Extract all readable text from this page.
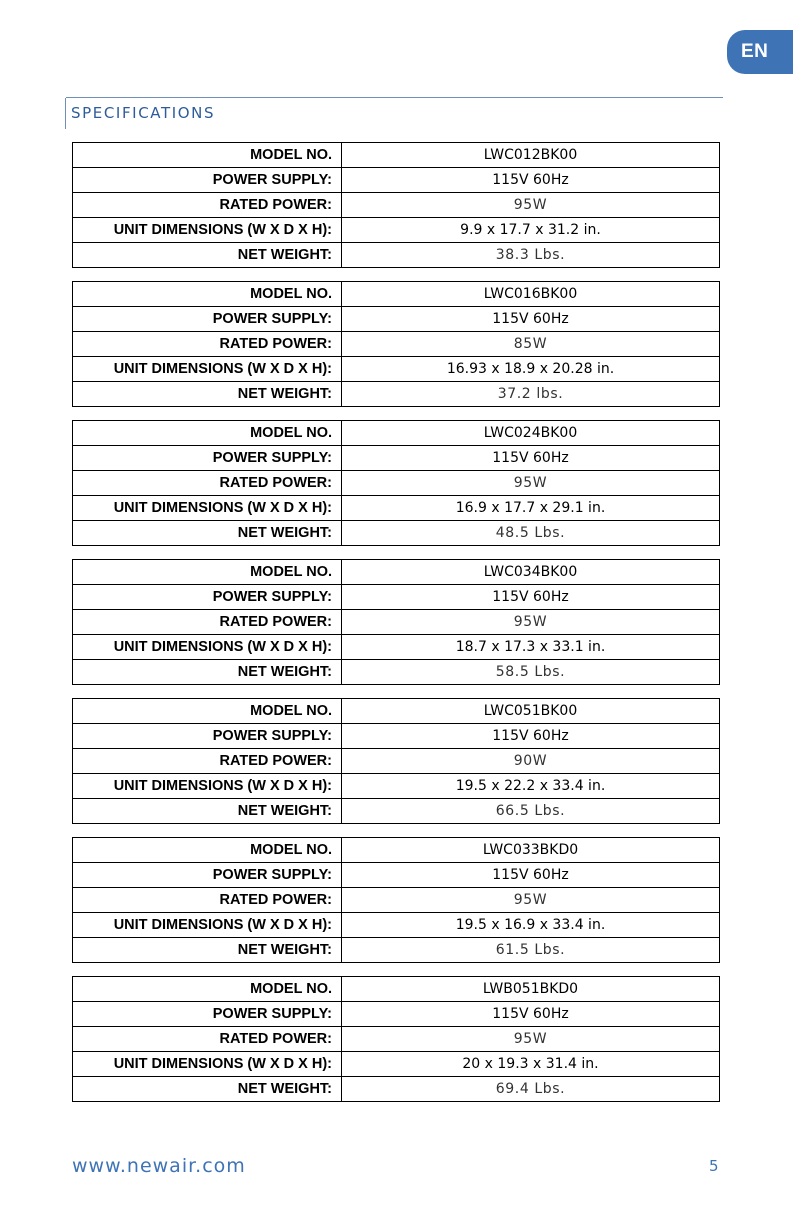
EN
SPECIFICATIONS
MODEL NO.	LWC012BK00
POWER SUPPLY:	115V 60Hz
RATED POWER:	95W
UNIT DIMENSIONS (W X D X H):	9.9 x 17.7 x 31.2 in.
NET WEIGHT:	38.3 Lbs.
MODEL NO.	LWC016BK00
POWER SUPPLY:	115V 60Hz
RATED POWER:	85W
UNIT DIMENSIONS (W X D X H):	16.93 x 18.9 x 20.28 in.
NET WEIGHT:	37.2 lbs.
MODEL NO.	LWC024BK00
POWER SUPPLY:	115V 60Hz
RATED POWER:	95W
UNIT DIMENSIONS (W X D X H):	16.9 x 17.7 x 29.1 in.
NET WEIGHT:	48.5 Lbs.
MODEL NO.	LWC034BK00
POWER SUPPLY:	115V 60Hz
RATED POWER:	95W
UNIT DIMENSIONS (W X D X H):	18.7 x 17.3 x 33.1 in.
NET WEIGHT:	58.5 Lbs.
MODEL NO.	LWC051BK00
POWER SUPPLY:	115V 60Hz
RATED POWER:	90W
UNIT DIMENSIONS (W X D X H):	19.5 x 22.2 x 33.4 in.
NET WEIGHT:	66.5 Lbs.
MODEL NO.	LWC033BKD0
POWER SUPPLY:	115V 60Hz
RATED POWER:	95W
UNIT DIMENSIONS (W X D X H):	19.5 x 16.9 x 33.4 in.
NET WEIGHT:	61.5 Lbs.
MODEL NO.	LWB051BKD0
POWER SUPPLY:	115V 60Hz
RATED POWER:	95W
UNIT DIMENSIONS (W X D X H):	20 x 19.3 x 31.4 in.
NET WEIGHT:	69.4 Lbs.
www.newair.com	5
